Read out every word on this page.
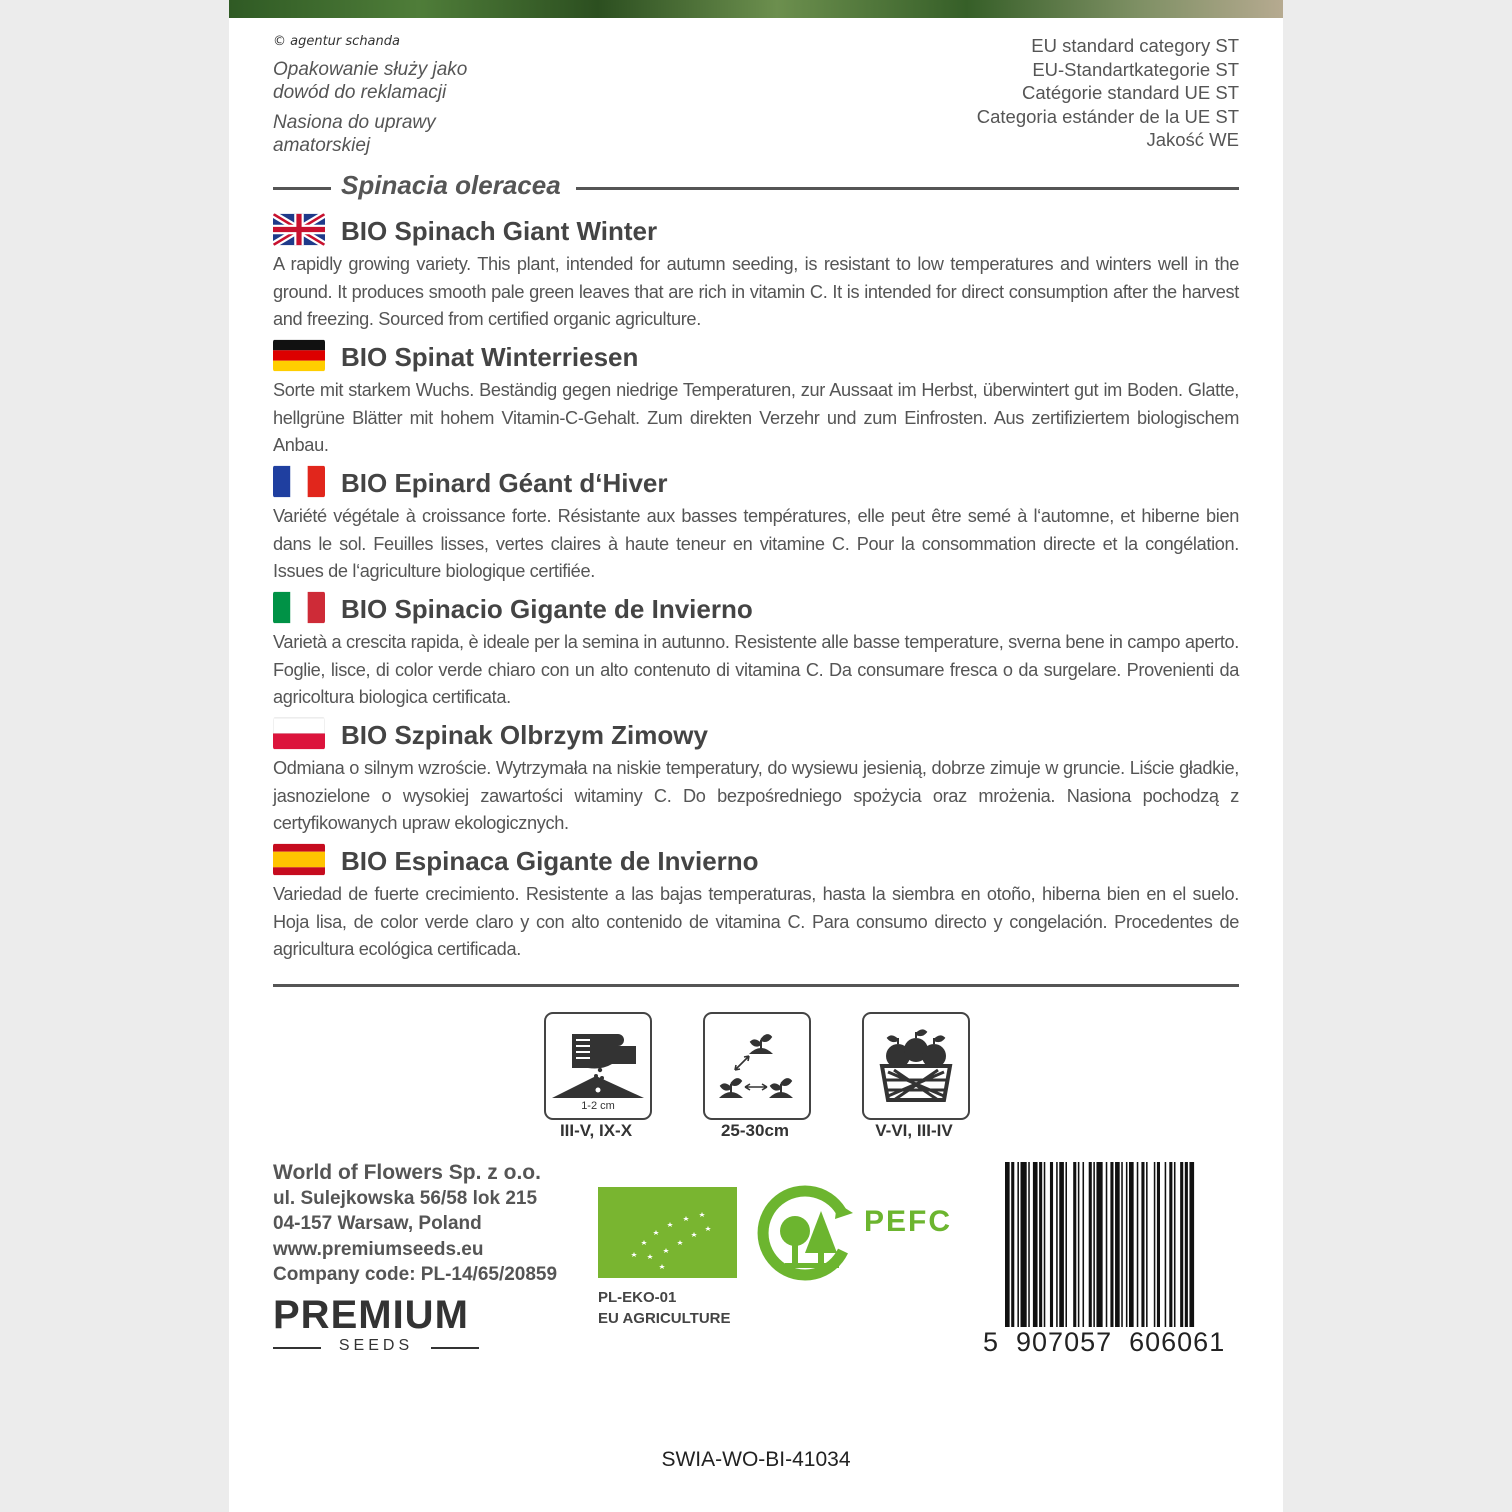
© agentur schanda
Opakowanie służy jako dowód do reklamacji
Nasiona do uprawy amatorskiej
EU standard category ST
EU-Standartkategorie ST
Catégorie standard UE ST
Categoria estánder de la UE ST
Jakość WE
Spinacia oleracea
BIO Spinach Giant Winter
A rapidly growing variety. This plant, intended for autumn seeding, is resistant to low temperatures and winters well in the ground. It produces smooth pale green leaves that are rich in vitamin C. It is intended for direct consumption after the harvest and freezing. Sourced from certified organic agriculture.
BIO Spinat Winterriesen
Sorte mit starkem Wuchs. Beständig gegen niedrige Temperaturen, zur Aussaat im Herbst, überwintert gut im Boden. Glatte, hellgrüne Blätter mit hohem Vitamin-C-Gehalt. Zum direkten Verzehr und zum Einfrosten. Aus zertifiziertem biologischem Anbau.
BIO Epinard Géant d‘Hiver
Variété végétale à croissance forte. Résistante aux basses températures, elle peut être semé à l‘automne, et hiberne bien dans le sol. Feuilles lisses, vertes claires à haute teneur en vitamine C. Pour la consommation directe et la congélation. Issues de l‘agriculture biologique certifiée.
BIO Spinacio Gigante de Invierno
Varietà a crescita rapida, è ideale per la semina in autunno. Resistente alle basse temperature, sverna bene in campo aperto. Foglie, lisce, di color verde chiaro con un alto contenuto di vitamina C. Da consumare fresca o da surgelare. Provenienti da agricoltura biologica certificata.
BIO Szpinak Olbrzym Zimowy
Odmiana o silnym wzroście. Wytrzymała na niskie temperatury, do wysiewu jesienią, dobrze zimuje w gruncie. Liście gładkie, jasnozielone o wysokiej zawartości witaminy C. Do bezpośredniego spożycia oraz mrożenia. Nasiona pochodzą z certyfikowanych upraw ekologicznych.
BIO Espinaca Gigante de Invierno
Variedad de fuerte crecimiento. Resistente a las bajas temperaturas, hasta la siembra en otoño, hiberna bien en el suelo. Hoja lisa, de color verde claro y con alto contenido de vitamina C. Para consumo directo y congelación. Procedentes de agricultura ecológica certificada.
1-2 cm
III-V, IX-X	25-30cm	V-VI, III-IV
World of Flowers Sp. z o.o.
ul. Sulejkowska 56/58 lok 215
04-157 Warsaw, Poland
www.premiumseeds.eu
Company code: PL-14/65/20859
PREMIUM
SEEDS
PL-EKO-01
EU AGRICULTURE
PEFC
5  907057  606061
SWIA-WO-BI-41034
